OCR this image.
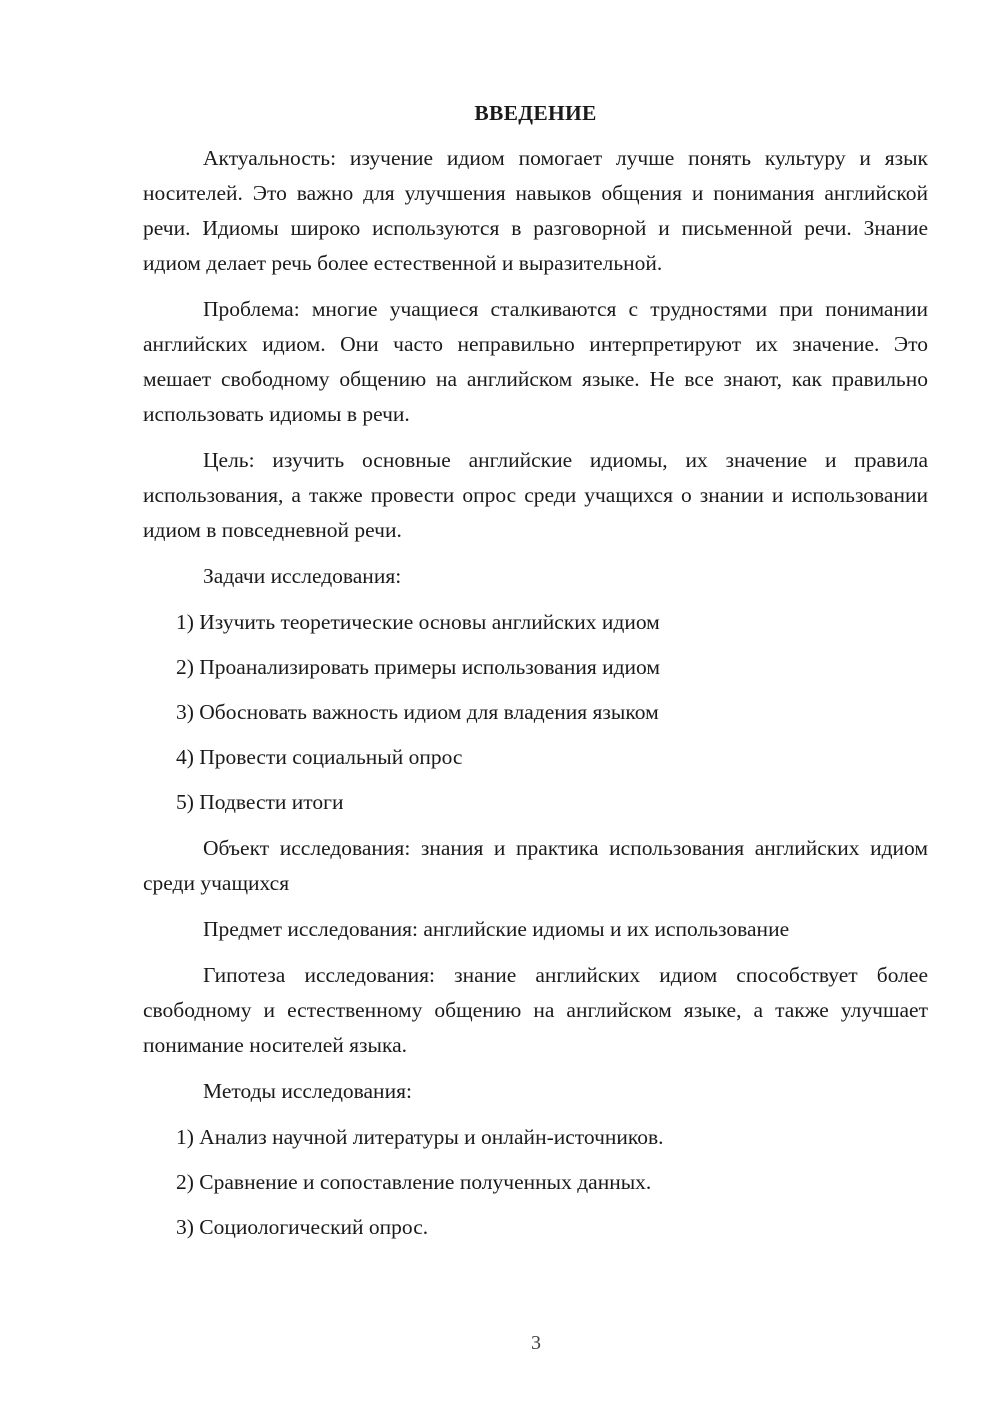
ВВЕДЕНИЕ

Актуальность: изучение идиом помогает лучше понять культуру и язык носителей. Это важно для улучшения навыков общения и понимания английской речи. Идиомы широко используются в разговорной и письменной речи. Знание идиом делает речь более естественной и выразительной.

Проблема: многие учащиеся сталкиваются с трудностями при понимании английских идиом. Они часто неправильно интерпретируют их значение. Это мешает свободному общению на английском языке. Не все знают, как правильно использовать идиомы в речи.

Цель: изучить основные английские идиомы, их значение и правила использования, а также провести опрос среди учащихся о знании и использовании идиом в повседневной речи.

Задачи исследования:

1) Изучить теоретические основы английских идиом
2) Проанализировать примеры использования идиом
3) Обосновать важность идиом для владения языком
4) Провести социальный опрос
5) Подвести итоги

Объект исследования: знания и практика использования английских идиом среди учащихся

Предмет исследования: английские идиомы и их использование

Гипотеза исследования: знание английских идиом способствует более свободному и естественному общению на английском языке, а также улучшает понимание носителей языка.

Методы исследования:

1) Анализ научной литературы и онлайн-источников.
2) Сравнение и сопоставление полученных данных.
3) Социологический опрос.
3
